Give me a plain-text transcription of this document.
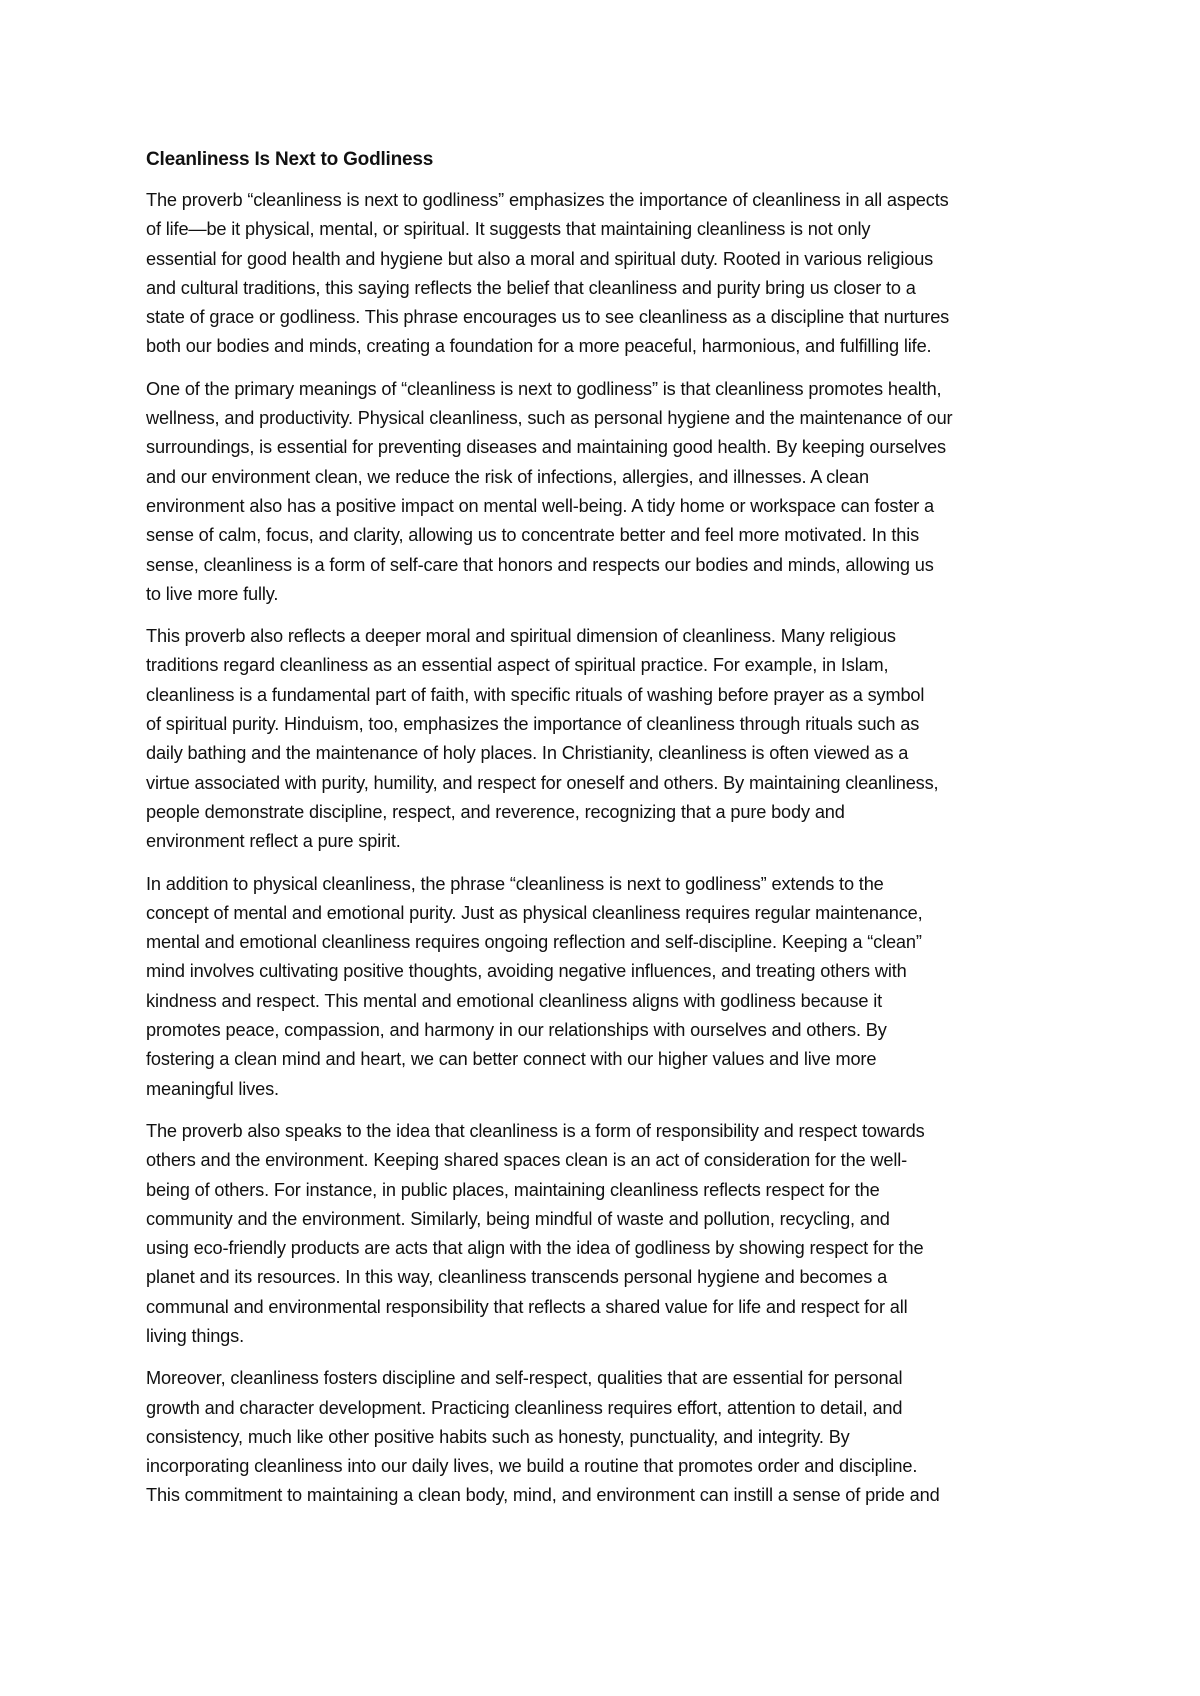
Cleanliness Is Next to Godliness
The proverb “cleanliness is next to godliness” emphasizes the importance of cleanliness in all aspects
of life—be it physical, mental, or spiritual. It suggests that maintaining cleanliness is not only
essential for good health and hygiene but also a moral and spiritual duty. Rooted in various religious
and cultural traditions, this saying reflects the belief that cleanliness and purity bring us closer to a
state of grace or godliness. This phrase encourages us to see cleanliness as a discipline that nurtures
both our bodies and minds, creating a foundation for a more peaceful, harmonious, and fulfilling life.
One of the primary meanings of “cleanliness is next to godliness” is that cleanliness promotes health,
wellness, and productivity. Physical cleanliness, such as personal hygiene and the maintenance of our
surroundings, is essential for preventing diseases and maintaining good health. By keeping ourselves
and our environment clean, we reduce the risk of infections, allergies, and illnesses. A clean
environment also has a positive impact on mental well-being. A tidy home or workspace can foster a
sense of calm, focus, and clarity, allowing us to concentrate better and feel more motivated. In this
sense, cleanliness is a form of self-care that honors and respects our bodies and minds, allowing us
to live more fully.
This proverb also reflects a deeper moral and spiritual dimension of cleanliness. Many religious
traditions regard cleanliness as an essential aspect of spiritual practice. For example, in Islam,
cleanliness is a fundamental part of faith, with specific rituals of washing before prayer as a symbol
of spiritual purity. Hinduism, too, emphasizes the importance of cleanliness through rituals such as
daily bathing and the maintenance of holy places. In Christianity, cleanliness is often viewed as a
virtue associated with purity, humility, and respect for oneself and others. By maintaining cleanliness,
people demonstrate discipline, respect, and reverence, recognizing that a pure body and
environment reflect a pure spirit.
In addition to physical cleanliness, the phrase “cleanliness is next to godliness” extends to the
concept of mental and emotional purity. Just as physical cleanliness requires regular maintenance,
mental and emotional cleanliness requires ongoing reflection and self-discipline. Keeping a “clean”
mind involves cultivating positive thoughts, avoiding negative influences, and treating others with
kindness and respect. This mental and emotional cleanliness aligns with godliness because it
promotes peace, compassion, and harmony in our relationships with ourselves and others. By
fostering a clean mind and heart, we can better connect with our higher values and live more
meaningful lives.
The proverb also speaks to the idea that cleanliness is a form of responsibility and respect towards
others and the environment. Keeping shared spaces clean is an act of consideration for the well-
being of others. For instance, in public places, maintaining cleanliness reflects respect for the
community and the environment. Similarly, being mindful of waste and pollution, recycling, and
using eco-friendly products are acts that align with the idea of godliness by showing respect for the
planet and its resources. In this way, cleanliness transcends personal hygiene and becomes a
communal and environmental responsibility that reflects a shared value for life and respect for all
living things.
Moreover, cleanliness fosters discipline and self-respect, qualities that are essential for personal
growth and character development. Practicing cleanliness requires effort, attention to detail, and
consistency, much like other positive habits such as honesty, punctuality, and integrity. By
incorporating cleanliness into our daily lives, we build a routine that promotes order and discipline.
This commitment to maintaining a clean body, mind, and environment can instill a sense of pride and
